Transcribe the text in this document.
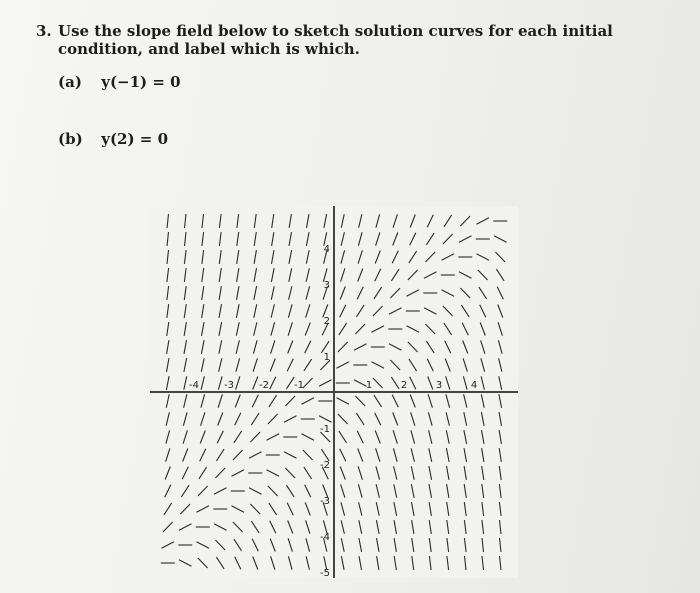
3. Use the slope field below to sketch solution curves for each initial condition, and label which is which.
(a) y(−1) = 0
(b) y(2) = 0
-4	-3	-2	-1	1	2	3	4
4
3
2
1
-1
-2
-3
-4
-5
